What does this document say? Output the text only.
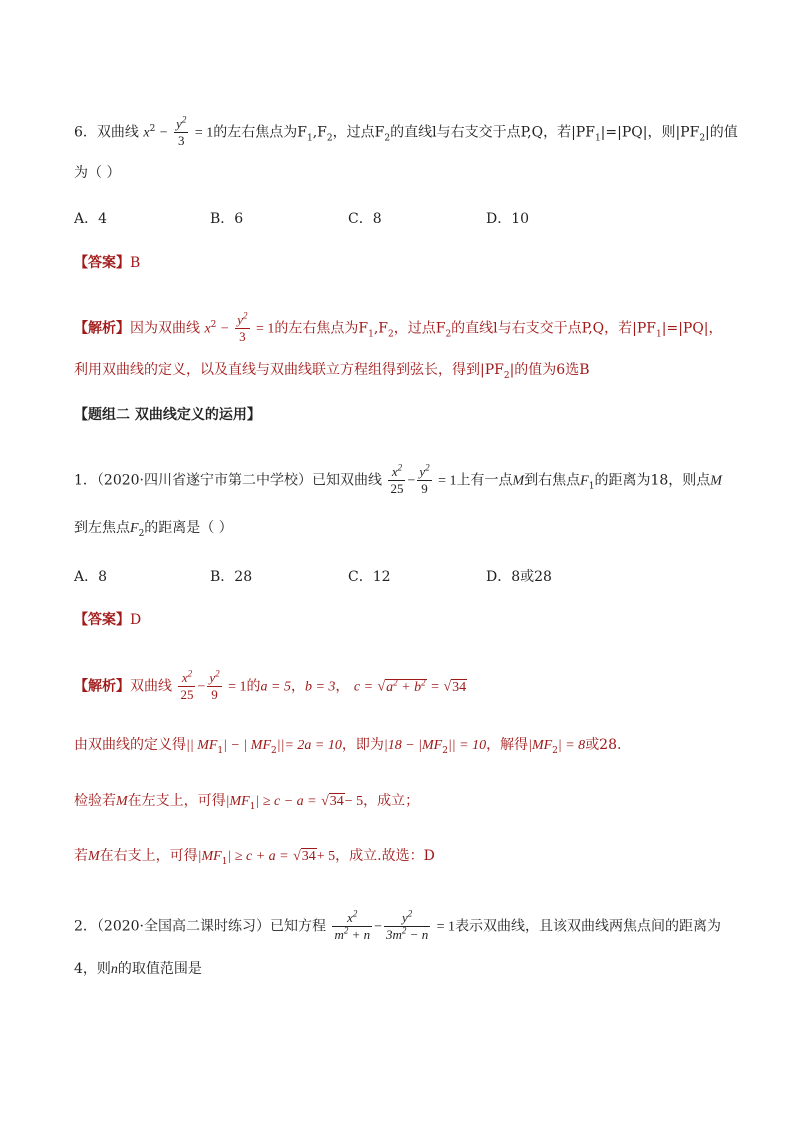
6．双曲线 $x^2 - \frac{y^2}{3} = 1$的左右焦点为$F_1,F_2$，过点$F_2$的直线l与右支交于点P,Q，若$|PF_1|=|PQ|$，则$|PF_2|$的值
为（ ）
A．4	B．6	C．8	D．10
【答案】B
【解析】因为双曲线 $x^2 - \frac{y^2}{3} = 1$的左右焦点为$F_1,F_2$，过点$F_2$的直线l与右支交于点P,Q，若$|PF_1|=|PQ|$，
利用双曲线的定义，以及直线与双曲线联立方程组得到弦长，得到$|PF_2|$的值为6选B
【题组二 双曲线定义的运用】
1．（2020·四川省遂宁市第二中学校）已知双曲线 $\frac{x^2}{25} - \frac{y^2}{9} = 1$上有一点M到右焦点$F_1$的距离为18，则点M
到左焦点$F_2$的距离是（ ）
A．8	B．28	C．12	D．8或28
【答案】D
【解析】双曲线 $\frac{x^2}{25} - \frac{y^2}{9} = 1$的a = 5，b = 3， $c = √a^2 + b^2 = √34$
由双曲线的定义得|| $MF_1|$ − | $MF_2||= 2a = 10$，即为$|18 - |MF_2|| = 10$，解得$|MF_2| = 8$或28.
检验若M在左支上，可得$|MF_1| \ge c - a = √34- 5$，成立；
若M在右支上，可得$|MF_1| \ge c + a = √34+ 5$，成立.故选：D
2．（2020·全国高二课时练习）已知方程 $\frac{x^2}{m^2 + n} - \frac{y^2}{3m^2 - n} = 1$表示双曲线，且该双曲线两焦点间的距离为
4，则n的取值范围是
